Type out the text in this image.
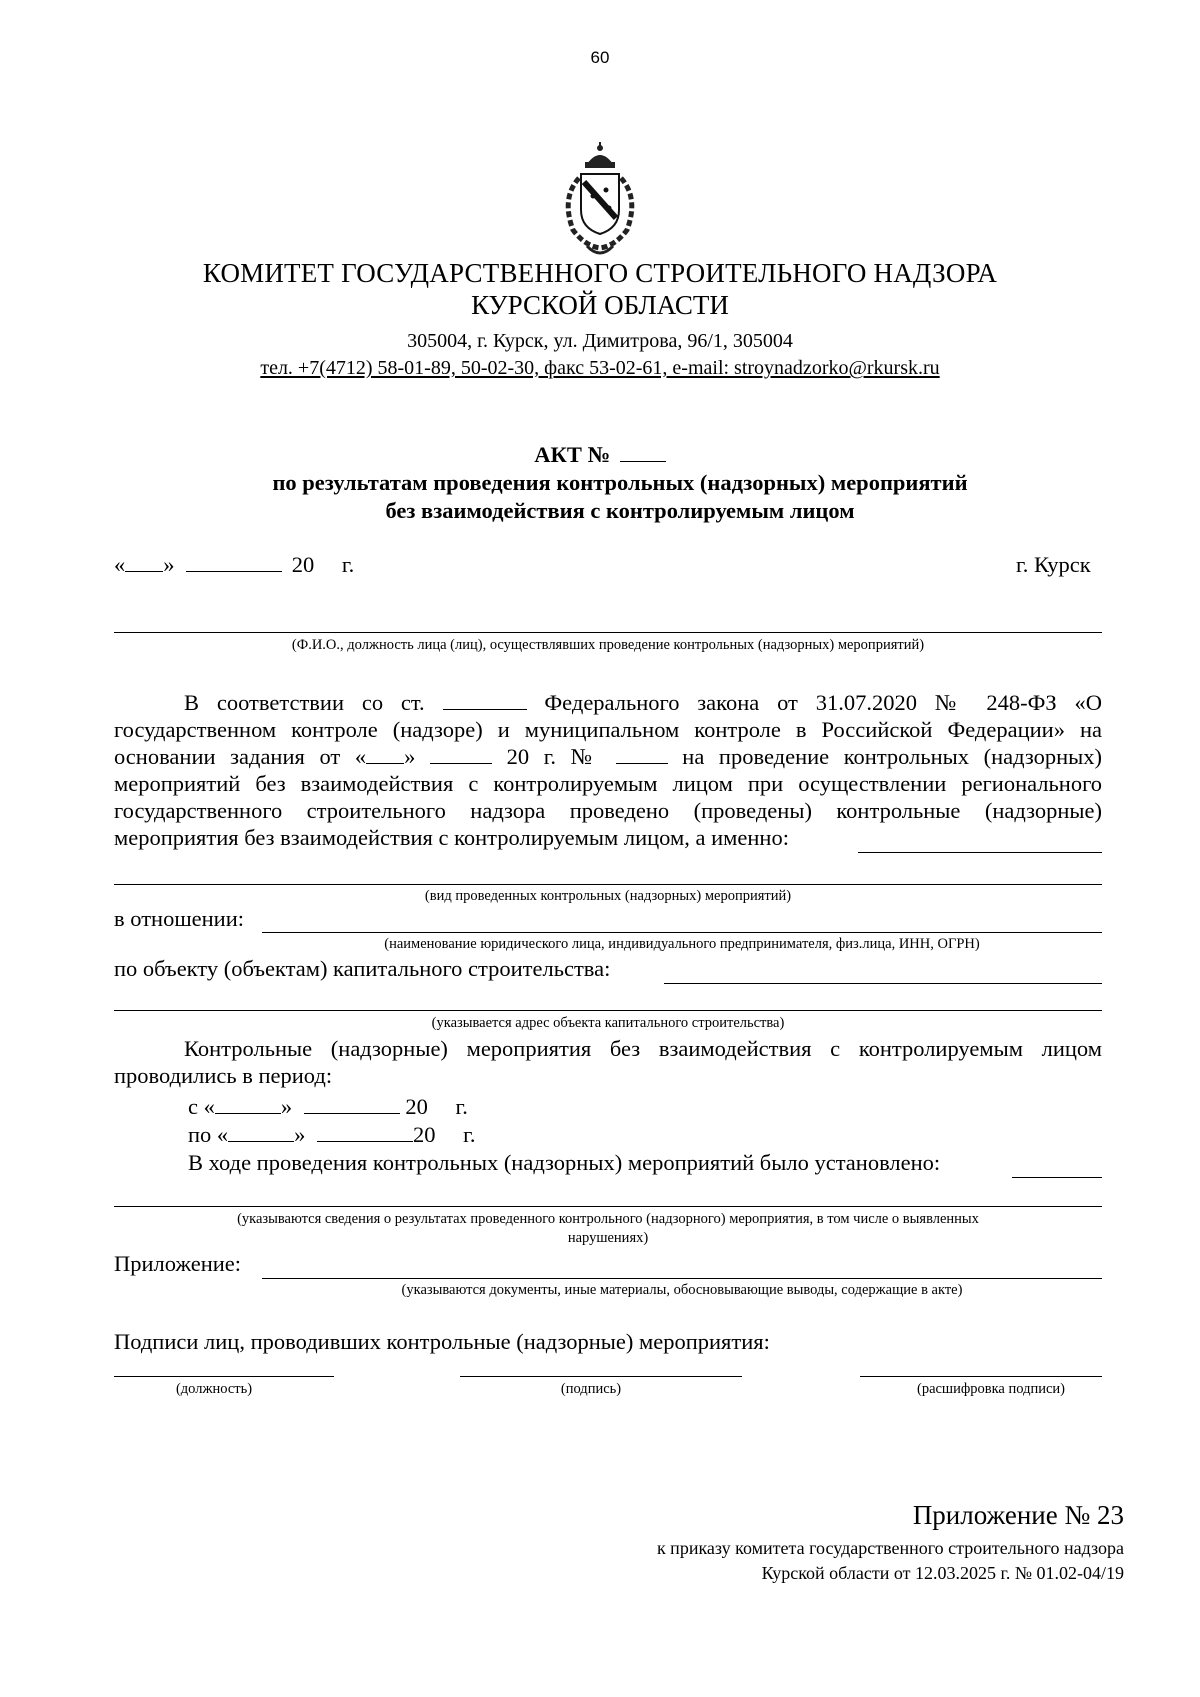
60
КОМИТЕТ ГОСУДАРСТВЕННОГО СТРОИТЕЛЬНОГО НАДЗОРА
КУРСКОЙ ОБЛАСТИ
305004, г. Курск, ул. Димитрова, 96/1, 305004
тел. +7(4712) 58-01-89, 50-02-30, факс 53-02-61, e-mail: stroynadzorko@rkursk.ru
АКТ №
по результатам проведения контрольных (надзорных) мероприятий
без взаимодействия с контролируемым лицом
« »	20 г.	г. Курск
(Ф.И.О., должность лица (лиц), осуществлявших проведение контрольных (надзорных) мероприятий)
В соответствии со ст.	Федерального закона от 31.07.2020 № 248-ФЗ «О
государственном контроле (надзоре) и муниципальном контроле в Российской Федерации» на
основании задания от « »	20 г. №	на проведение контрольных (надзорных)
мероприятий без взаимодействия с контролируемым лицом при осуществлении регионального
государственного строительного надзора проведено (проведены) контрольные (надзорные)
мероприятия без взаимодействия с контролируемым лицом, а именно:
(вид проведенных контрольных (надзорных) мероприятий)
в отношении:
(наименование юридического лица, индивидуального предпринимателя, физ.лица, ИНН, ОГРН)
по объекту (объектам) капитального строительства:
(указывается адрес объекта капитального строительства)
Контрольные (надзорные) мероприятия без взаимодействия с контролируемым лицом
проводились в период:
с «	»	20 г.
по «	»	20 г.
В ходе проведения контрольных (надзорных) мероприятий было установлено:
(указываются сведения о результатах проведенного контрольного (надзорного) мероприятия, в том числе о выявленных
нарушениях)
Приложение:
(указываются документы, иные материалы, обосновывающие выводы, содержащие в акте)
Подписи лиц, проводивших контрольные (надзорные) мероприятия:
(должность)	(подпись)	(расшифровка подписи)
Приложение № 23
к приказу комитета государственного строительного надзора
Курской области от 12.03.2025 г. № 01.02-04/19
